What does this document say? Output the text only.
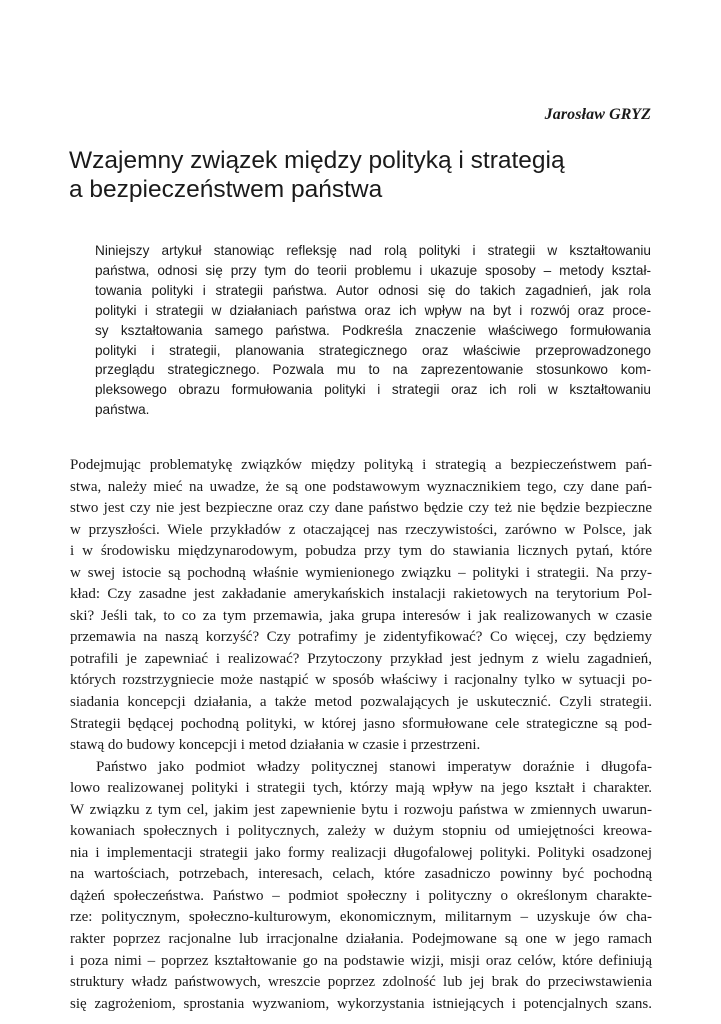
Jarosław GRYZ
Wzajemny związek między polityką i strategią
a bezpieczeństwem państwa
Niniejszy artykuł stanowiąc refleksję nad rolą polityki i strategii w kształtowaniu
państwa, odnosi się przy tym do teorii problemu i ukazuje sposoby – metody kształ-
towania polityki i strategii państwa. Autor odnosi się do takich zagadnień, jak rola
polityki i strategii w działaniach państwa oraz ich wpływ na byt i rozwój oraz proce-
sy kształtowania samego państwa. Podkreśla znaczenie właściwego formułowania
polityki i strategii, planowania strategicznego oraz właściwie przeprowadzonego
przeglądu strategicznego. Pozwala mu to na zaprezentowanie stosunkowo kom-
pleksowego obrazu formułowania polityki i strategii oraz ich roli w kształtowaniu
państwa.
Podejmując problematykę związków między polityką i strategią a bezpieczeństwem pań-
stwa, należy mieć na uwadze, że są one podstawowym wyznacznikiem tego, czy dane pań-
stwo jest czy nie jest bezpieczne oraz czy dane państwo będzie czy też nie będzie bezpieczne
w przyszłości. Wiele przykładów z otaczającej nas rzeczywistości, zarówno w Polsce, jak
i w środowisku międzynarodowym, pobudza przy tym do stawiania licznych pytań, które
w swej istocie są pochodną właśnie wymienionego związku – polityki i strategii. Na przy-
kład: Czy zasadne jest zakładanie amerykańskich instalacji rakietowych na terytorium Pol-
ski? Jeśli tak, to co za tym przemawia, jaka grupa interesów i jak realizowanych w czasie
przemawia na naszą korzyść? Czy potrafimy je zidentyfikować? Co więcej, czy będziemy
potrafili je zapewniać i realizować? Przytoczony przykład jest jednym z wielu zagadnień,
których rozstrzygniecie może nastąpić w sposób właściwy i racjonalny tylko w sytuacji po-
siadania koncepcji działania, a także metod pozwalających je uskutecznić. Czyli strategii.
Strategii będącej pochodną polityki, w której jasno sformułowane cele strategiczne są pod-
stawą do budowy koncepcji i metod działania w czasie i przestrzeni.
Państwo jako podmiot władzy politycznej stanowi imperatyw doraźnie i długofa-
lowo realizowanej polityki i strategii tych, którzy mają wpływ na jego kształt i charakter.
W związku z tym cel, jakim jest zapewnienie bytu i rozwoju państwa w zmiennych uwarun-
kowaniach społecznych i politycznych, zależy w dużym stopniu od umiejętności kreowa-
nia i implementacji strategii jako formy realizacji długofalowej polityki. Polityki osadzonej
na wartościach, potrzebach, interesach, celach, które zasadniczo powinny być pochodną
dążeń społeczeństwa. Państwo – podmiot społeczny i polityczny o określonym charakte-
rze: politycznym, społeczno-kulturowym, ekonomicznym, militarnym – uzyskuje ów cha-
rakter poprzez racjonalne lub irracjonalne działania. Podejmowane są one w jego ramach
i poza nimi – poprzez kształtowanie go na podstawie wizji, misji oraz celów, które definiują
struktury władz państwowych, wreszcie poprzez zdolność lub jej brak do przeciwstawienia
się zagrożeniom, sprostania wyzwaniom, wykorzystania istniejących i potencjalnych szans.
